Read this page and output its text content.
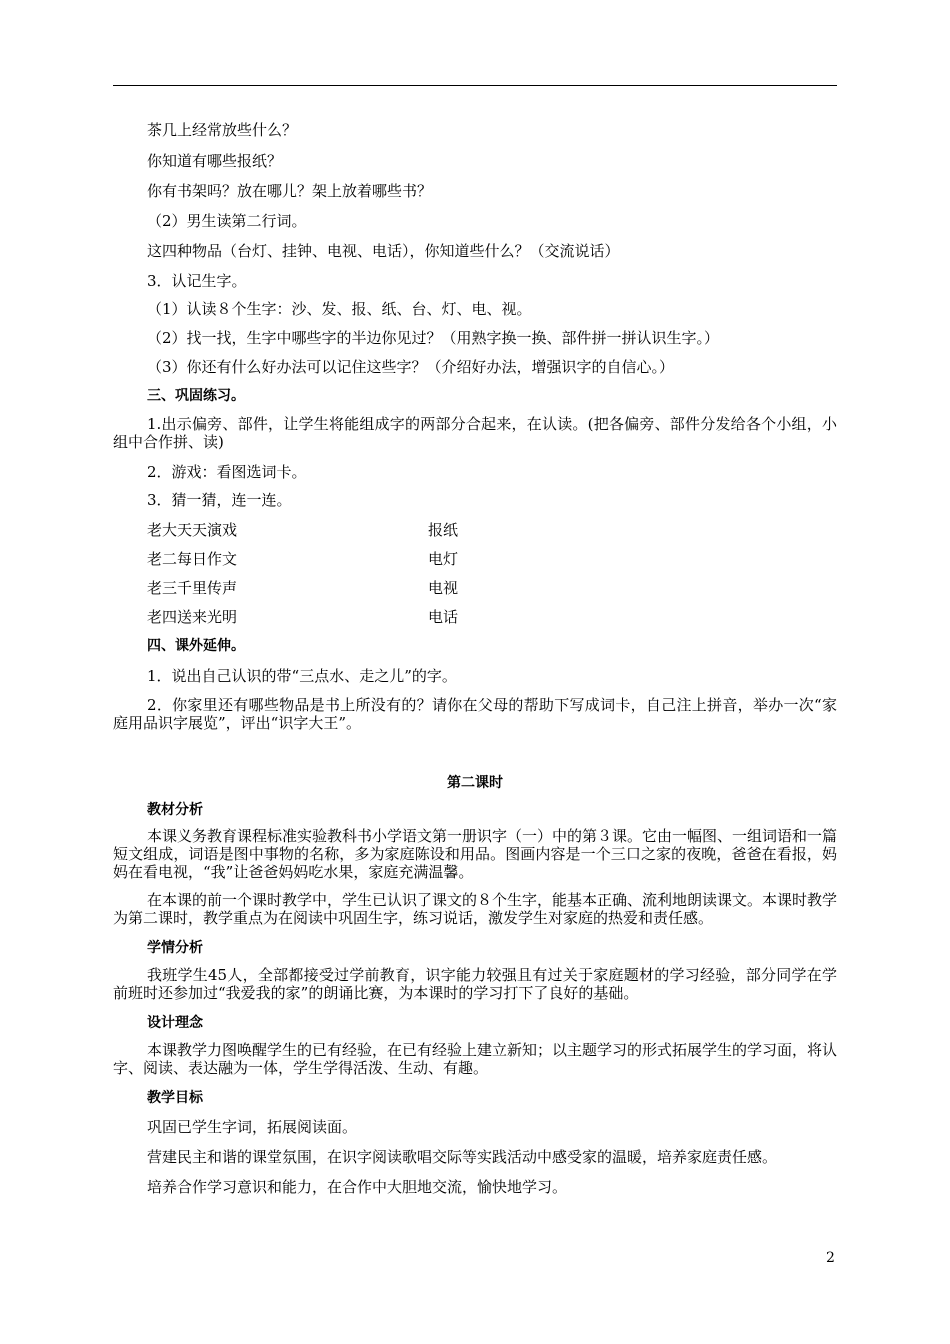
茶几上经常放些什么？
你知道有哪些报纸？
你有书架吗？放在哪儿？架上放着哪些书？
（2）男生读第二行词。
这四种物品（台灯、挂钟、电视、电话），你知道些什么？（交流说话）
3．认记生字。
（1）认读８个生字：沙、发、报、纸、台、灯、电、视。
（2）找一找，生字中哪些字的半边你见过？（用熟字换一换、部件拼一拼认识生字。）
（3）你还有什么好办法可以记住这些字？（介绍好办法，增强识字的自信心。）
三、巩固练习。
1.出示偏旁、部件，让学生将能组成字的两部分合起来，在认读。(把各偏旁、部件分发给各个小组，小组中合作拼、读)
2．游戏：看图选词卡。
3．猜一猜，连一连。
老大天天演戏	报纸
老二每日作文	电灯
老三千里传声	电视
老四送来光明	电话
四、课外延伸。
1．说出自己认识的带“三点水、走之儿”的字。
2．你家里还有哪些物品是书上所没有的？请你在父母的帮助下写成词卡，自己注上拼音，举办一次“家庭用品识字展览”，评出“识字大王”。
第二课时
教材分析
本课义务教育课程标准实验教科书小学语文第一册识字（一）中的第３课。它由一幅图、一组词语和一篇短文组成，词语是图中事物的名称，多为家庭陈设和用品。图画内容是一个三口之家的夜晚，爸爸在看报，妈妈在看电视，“我”让爸爸妈妈吃水果，家庭充满温馨。
在本课的前一个课时教学中，学生已认识了课文的８个生字，能基本正确、流利地朗读课文。本课时教学为第二课时，教学重点为在阅读中巩固生字，练习说话，激发学生对家庭的热爱和责任感。
学情分析
我班学生45人，全部都接受过学前教育，识字能力较强且有过关于家庭题材的学习经验，部分同学在学前班时还参加过“我爱我的家”的朗诵比赛，为本课时的学习打下了良好的基础。
设计理念
本课教学力图唤醒学生的已有经验，在已有经验上建立新知；以主题学习的形式拓展学生的学习面，将认字、阅读、表达融为一体，学生学得活泼、生动、有趣。
教学目标
巩固已学生字词，拓展阅读面。
营建民主和谐的课堂氛围，在识字阅读歌唱交际等实践活动中感受家的温暖，培养家庭责任感。
培养合作学习意识和能力，在合作中大胆地交流，愉快地学习。
2
